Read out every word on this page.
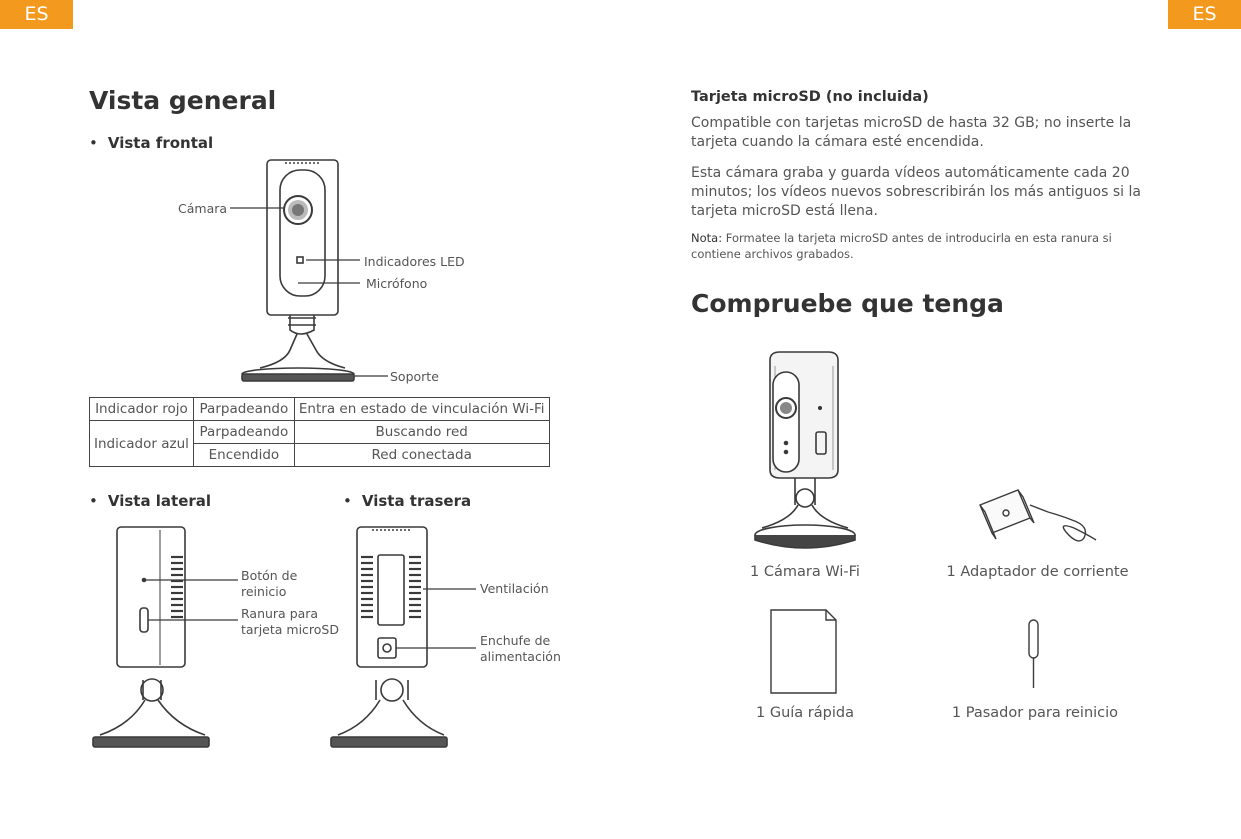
ES	ES
Vista general
• Vista frontal
Cámara
Indicadores LED
Micrófono
Soporte
Indicador rojo	Parpadeando	Entra en estado de vinculación Wi-Fi
Indicador azul	Parpadeando	Buscando red
	Encendido	Red conectada
• Vista lateral	• Vista trasera
Botón de reinicio
Ranura para tarjeta microSD
Ventilación
Enchufe de alimentación
Tarjeta microSD (no incluida)
Compatible con tarjetas microSD de hasta 32 GB; no inserte la tarjeta cuando la cámara esté encendida.
Esta cámara graba y guarda vídeos automáticamente cada 20 minutos; los vídeos nuevos sobrescribirán los más antiguos si la tarjeta microSD está llena.
Nota: Formatee la tarjeta microSD antes de introducirla en esta ranura si contiene archivos grabados.
Compruebe que tenga
1 Cámara Wi-Fi	1 Adaptador de corriente
1 Guía rápida	1 Pasador para reinicio
